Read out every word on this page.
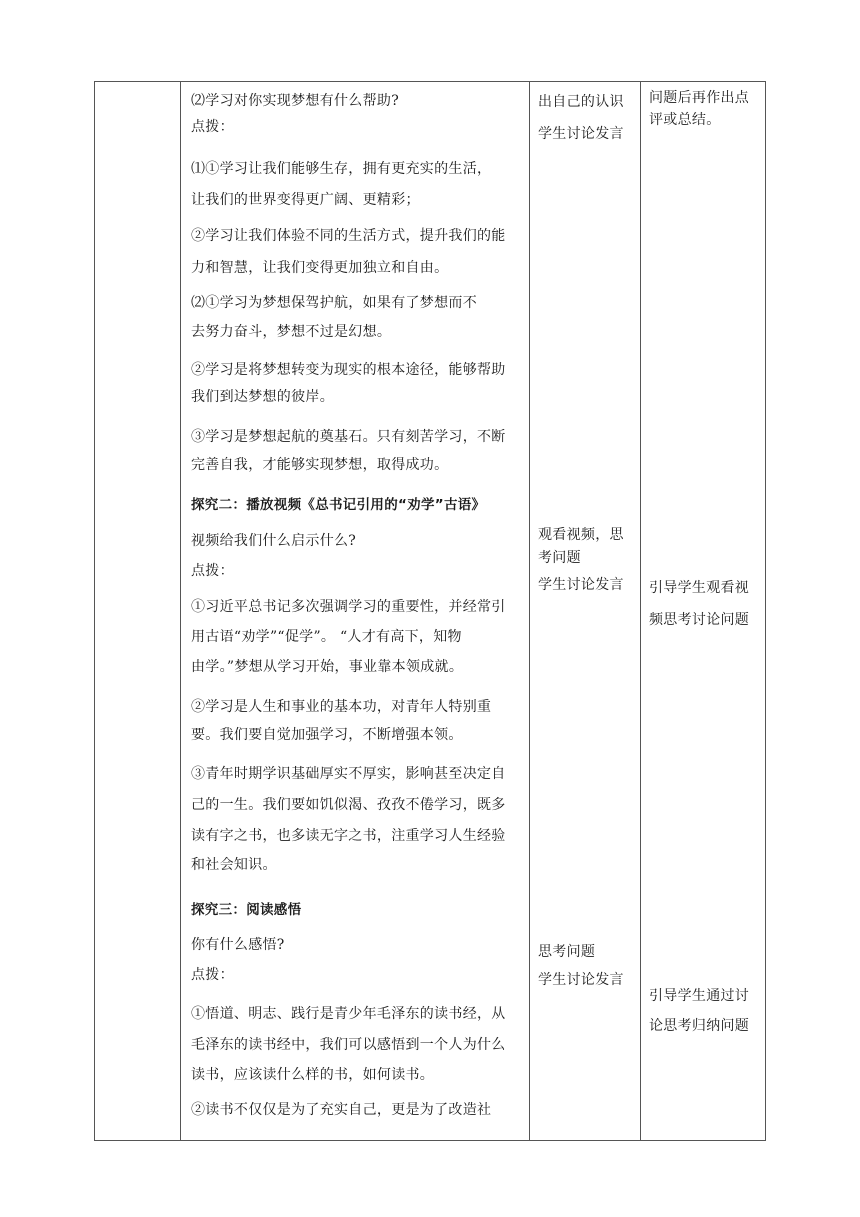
⑵学习对你实现梦想有什么帮助?
点拨：
⑴①学习让我们能够生存，拥有更充实的生活，
让我们的世界变得更广阔、更精彩；
②学习让我们体验不同的生活方式，提升我们的能
力和智慧，让我们变得更加独立和自由。
⑵①学习为梦想保驾护航，如果有了梦想而不
去努力奋斗，梦想不过是幻想。
②学习是将梦想转变为现实的根本途径，能够帮助
我们到达梦想的彼岸。
③学习是梦想起航的奠基石。只有刻苦学习，不断
完善自我，才能够实现梦想，取得成功。
探究二：播放视频《总书记引用的“劝学”古语》
视频给我们什么启示什么?
点拨：
①习近平总书记多次强调学习的重要性，并经常引
用古语“劝学”“促学”。 “人才有高下，知物
由学。”梦想从学习开始，事业靠本领成就。
②学习是人生和事业的基本功，对青年人特别重
要。我们要自觉加强学习，不断增强本领。
③青年时期学识基础厚实不厚实，影响甚至决定自
己的一生。我们要如饥似渴、孜孜不倦学习，既多
读有字之书，也多读无字之书，注重学习人生经验
和社会知识。
探究三：阅读感悟
你有什么感悟?
点拨：
①悟道、明志、践行是青少年毛泽东的读书经，从
毛泽东的读书经中，我们可以感悟到一个人为什么
读书，应该读什么样的书，如何读书。
②读书不仅仅是为了充实自己，更是为了改造社
出自己的认识
学生讨论发言
观看视频，思
考问题
学生讨论发言
思考问题
学生讨论发言
问题后再作出点
评或总结。
引导学生观看视
频思考讨论问题
引导学生通过讨
论思考归纳问题
